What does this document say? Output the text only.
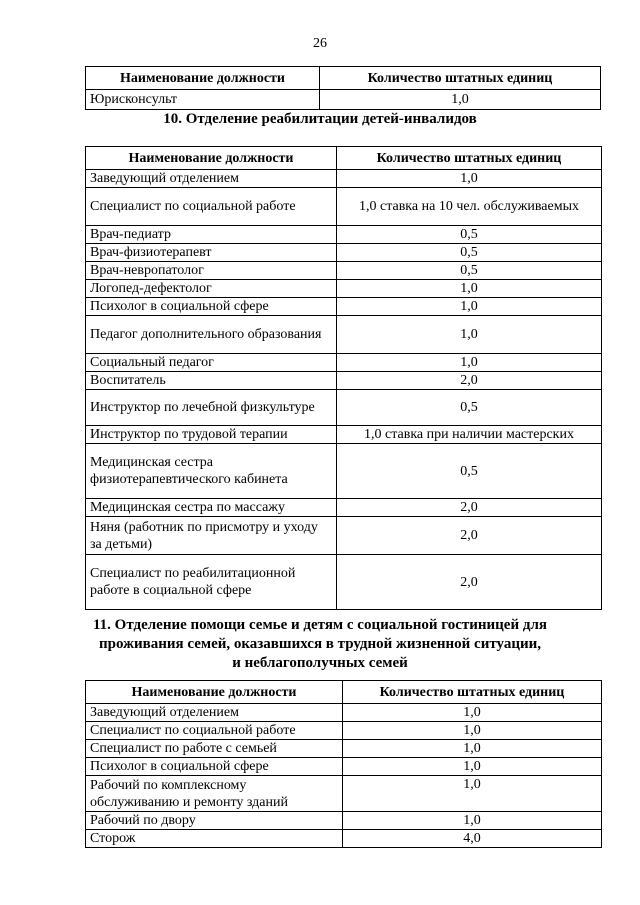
26
Наименование должности	Количество штатных единиц
Юрисконсульт	1,0
10. Отделение реабилитации детей-инвалидов
Наименование должности	Количество штатных единиц
Заведующий отделением	1,0
Специалист по социальной работе	1,0 ставка на 10 чел. обслуживаемых
Врач-педиатр	0,5
Врач-физиотерапевт	0,5
Врач-невропатолог	0,5
Логопед-дефектолог	1,0
Психолог в социальной сфере	1,0
Педагог дополнительного образования	1,0
Социальный педагог	1,0
Воспитатель	2,0
Инструктор по лечебной физкультуре	0,5
Инструктор по трудовой терапии	1,0 ставка при наличии мастерских
Медицинская сестра физиотерапевтического кабинета	0,5
Медицинская сестра по массажу	2,0
Няня (работник по присмотру и уходу за детьми)	2,0
Специалист по реабилитационной работе в социальной сфере	2,0
11. Отделение помощи семье и детям с социальной гостиницей для
проживания семей, оказавшихся в трудной жизненной ситуации,
и неблагополучных семей
Наименование должности	Количество штатных единиц
Заведующий отделением	1,0
Специалист по социальной работе	1,0
Специалист по работе с семьей	1,0
Психолог в социальной сфере	1,0
Рабочий по комплексному обслуживанию и ремонту зданий	1,0
Рабочий по двору	1,0
Сторож	4,0
